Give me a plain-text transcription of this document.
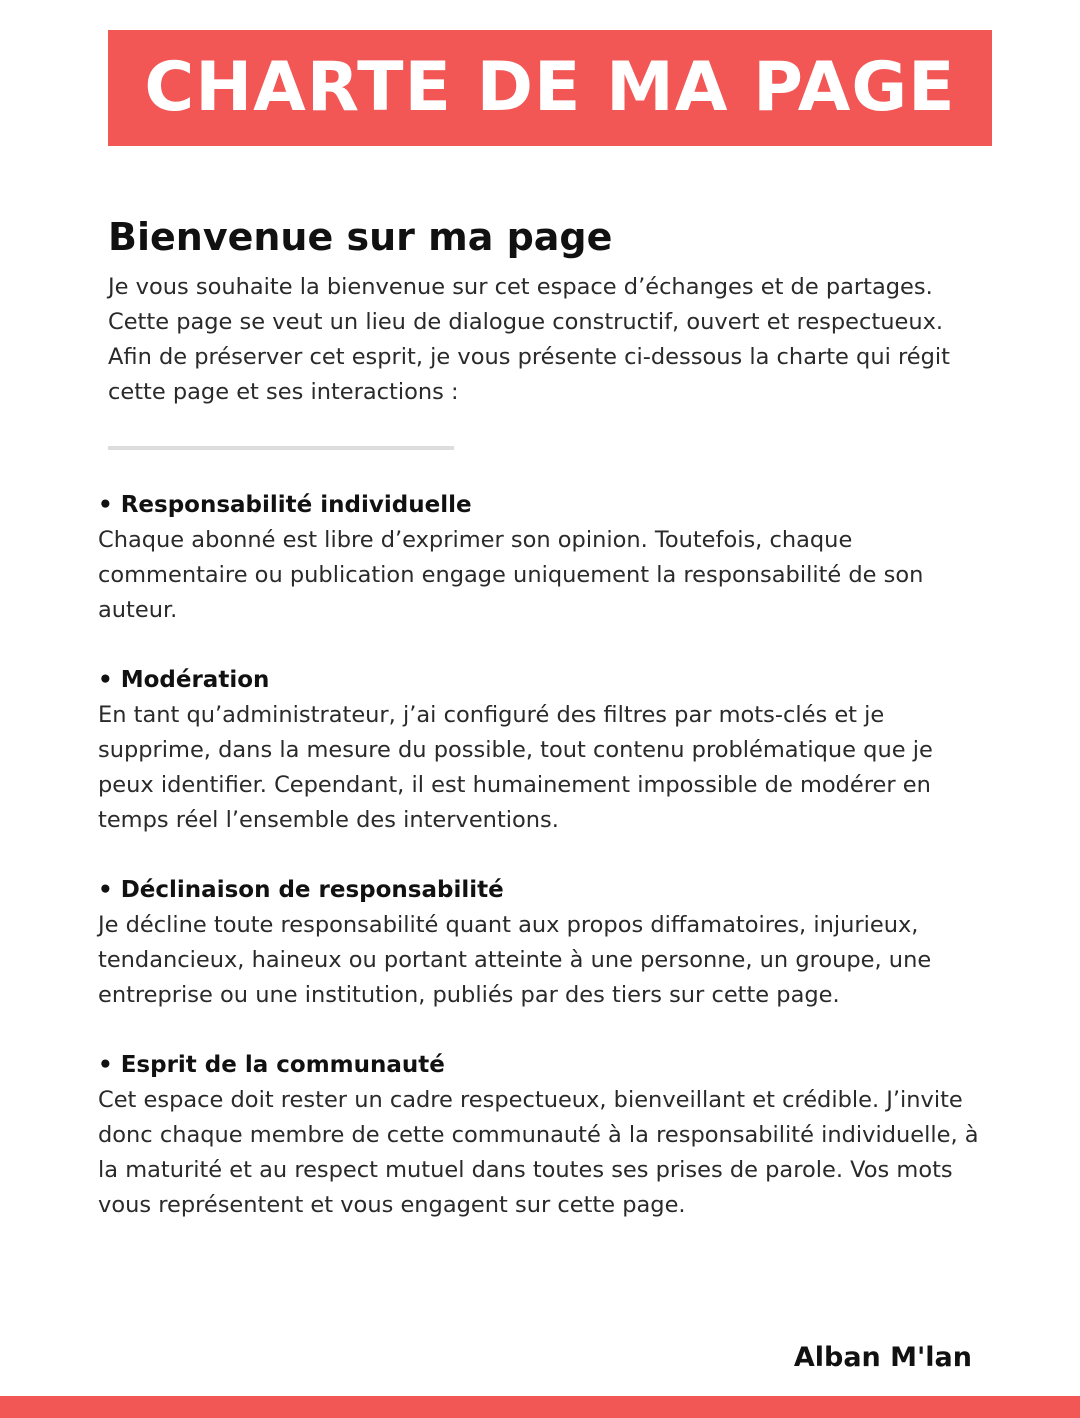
CHARTE DE MA PAGE
Bienvenue sur ma page

Je vous souhaite la bienvenue sur cet espace d’échanges et de partages. Cette page se veut un lieu de dialogue constructif, ouvert et respectueux. Afin de préserver cet esprit, je vous présente ci-dessous la charte qui régit cette page et ses interactions :

• Responsabilité individuelle

Chaque abonné est libre d’exprimer son opinion. Toutefois, chaque commentaire ou publication engage uniquement la responsabilité de son auteur.

• Modération

En tant qu’administrateur, j’ai configuré des filtres par mots-clés et je supprime, dans la mesure du possible, tout contenu problématique que je peux identifier. Cependant, il est humainement impossible de modérer en temps réel l’ensemble des interventions.

• Déclinaison de responsabilité

Je décline toute responsabilité quant aux propos diffamatoires, injurieux, tendancieux, haineux ou portant atteinte à une personne, un groupe, une entreprise ou une institution, publiés par des tiers sur cette page.

• Esprit de la communauté

Cet espace doit rester un cadre respectueux, bienveillant et crédible. J’invite donc chaque membre de cette communauté à la responsabilité individuelle, à la maturité et au respect mutuel dans toutes ses prises de parole. Vos mots vous représentent et vous engagent sur cette page.

Alban M'lan
